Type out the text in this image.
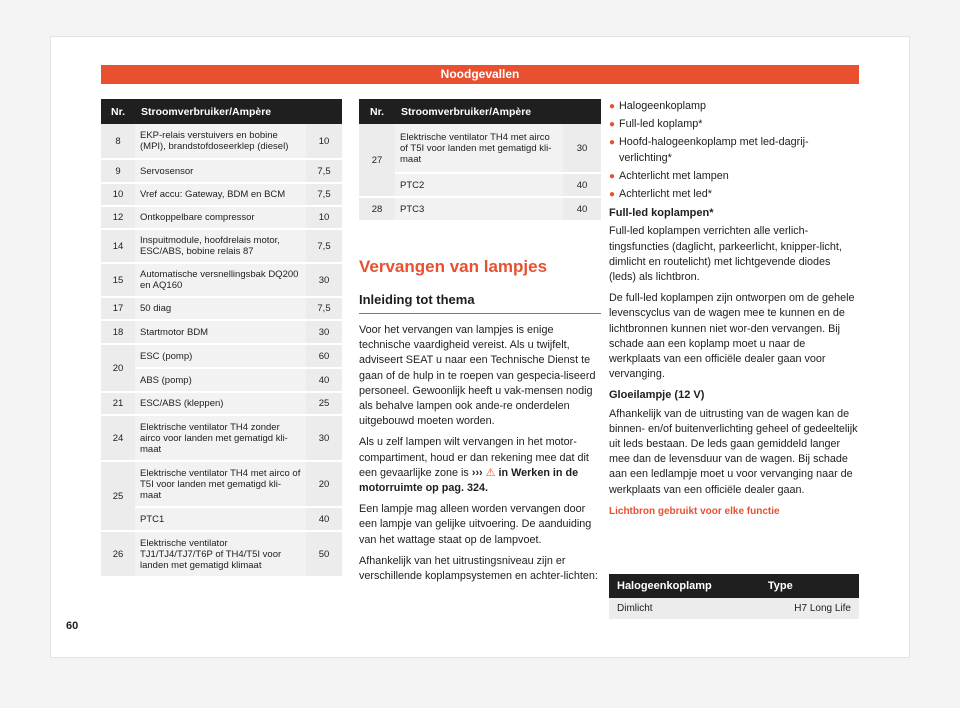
Noodgevallen
Nr.	Stroomverbruiker/Ampère	
8	EKP-relais verstuivers en bobine (MPI), brandstofdoseerklep (diesel)	10
9	Servosensor	7,5
10	Vref accu: Gateway, BDM en BCM	7,5
12	Ontkoppelbare compressor	10
14	Inspuitmodule, hoofdrelais motor, ESC/ABS, bobine relais 87	7,5
15	Automatische versnellingsbak DQ200 en AQ160	30
17	50 diag	7,5
18	Startmotor BDM	30
20	ESC (pomp)	60
	ABS (pomp)	40
21	ESC/ABS (kleppen)	25
24	Elektrische ventilator TH4 zonder airco voor landen met gematigd kli-maat	30
25	Elektrische ventilator TH4 met airco of T5I voor landen met gematigd kli-maat	20
	PTC1	40
26	Elektrische ventilator TJ1/TJ4/TJ7/T6P of TH4/T5I voor landen met gematigd klimaat	50
Nr.	Stroomverbruiker/Ampère	
27	Elektrische ventilator TH4 met airco of T5I voor landen met gematigd kli-maat	30
	PTC2	40
28	PTC3	40
Vervangen van lampjes
Inleiding tot thema

Voor het vervangen van lampjes is enige technische vaardigheid vereist. Als u twijfelt, adviseert SEAT u naar een Technische Dienst te gaan of de hulp in te roepen van gespecia-liseerd personeel. Gewoonlijk heeft u vak-mensen nodig als behalve lampen ook ande-re onderdelen uitgebouwd moeten worden.

Als u zelf lampen wilt vervangen in het motor-compartiment, houd er dan rekening mee dat dit een gevaarlijke zone is ››› ⚠ in Werken in de motorruimte op pag. 324.

Een lampje mag alleen worden vervangen door een lampje van gelijke uitvoering. De aanduiding van het wattage staat op de lampvoet.

Afhankelijk van het uitrustingsniveau zijn er verschillende koplampsystemen en achter-lichten:

● Halogeenkoplamp
● Full-led koplamp*
● Hoofd-halogeenkoplamp met led-dagrij-verlichting*
● Achterlicht met lampen
● Achterlicht met led*
Full-led koplampen*

Full-led koplampen verrichten alle verlich-tingsfuncties (daglicht, parkeerlicht, knipper-licht, dimlicht en routelicht) met lichtgevende diodes (leds) als lichtbron.

De full-led koplampen zijn ontworpen om de gehele levenscyclus van de wagen mee te kunnen en de lichtbronnen kunnen niet wor-den vervangen. Bij schade aan een koplamp moet u naar de werkplaats van een officiële dealer gaan voor vervanging.

Gloeilampje (12 V)

Afhankelijk van de uitrusting van de wagen kan de binnen- en/of buitenverlichting geheel of gedeeltelijk uit leds bestaan. De leds gaan gemiddeld langer mee dan de levensduur van de wagen. Bij schade aan een ledlampje moet u voor vervanging naar de werkplaats van een officiële dealer gaan.

Lichtbron gebruikt voor elke functie
Halogeenkoplamp	Type
Dimlicht	H7 Long Life
60
